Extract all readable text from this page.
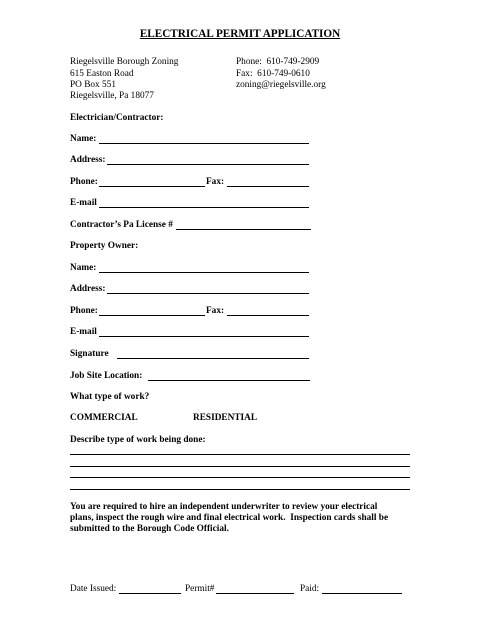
ELECTRICAL PERMIT APPLICATION
Riegelsville Borough Zoning
615 Easton Road
PO Box 551
Riegelsville, Pa 18077
Phone:  610-749-2909
Fax:  610-749-0610
zoning@riegelsville.org
Electrician/Contractor:
Name:
Address:
Phone:	Fax:
E-mail
Contractor’s Pa License #
Property Owner:
Name:
Address:
Phone:	Fax:
E-mail
Signature
Job Site Location:
What type of work?
COMMERCIAL	RESIDENTIAL
Describe type of work being done:
You are required to hire an independent underwriter to review your electrical
plans, inspect the rough wire and final electrical work.  Inspection cards shall be
submitted to the Borough Code Official.
Date Issued:	Permit#	Paid:
